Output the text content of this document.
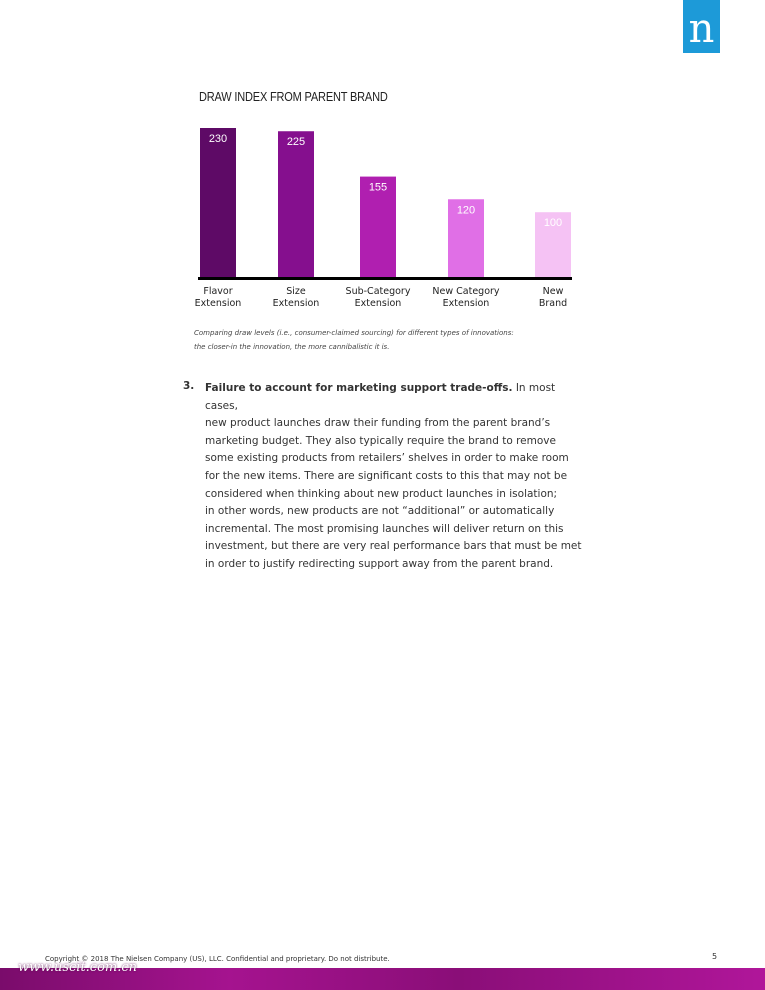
n
DRAW INDEX FROM PARENT BRAND
230
Flavor
Extension
225
Size
Extension
155
Sub-Category
Extension
120
New Category
Extension
100
New
Brand
Comparing draw levels (i.e., consumer-claimed sourcing) for different types of innovations:
the closer-in the innovation, the more cannibalistic it is.
3. Failure to account for marketing support trade-offs. In most cases,
new product launches draw their funding from the parent brand’s
marketing budget. They also typically require the brand to remove
some existing products from retailers’ shelves in order to make room
for the new items. There are significant costs to this that may not be
considered when thinking about new product launches in isolation;
in other words, new products are not “additional” or automatically
incremental. The most promising launches will deliver return on this
investment, but there are very real performance bars that must be met
in order to justify redirecting support away from the parent brand.
Copyright © 2018 The Nielsen Company (US), LLC. Confidential and proprietary. Do not distribute.	5
www.uscit.com.cn
